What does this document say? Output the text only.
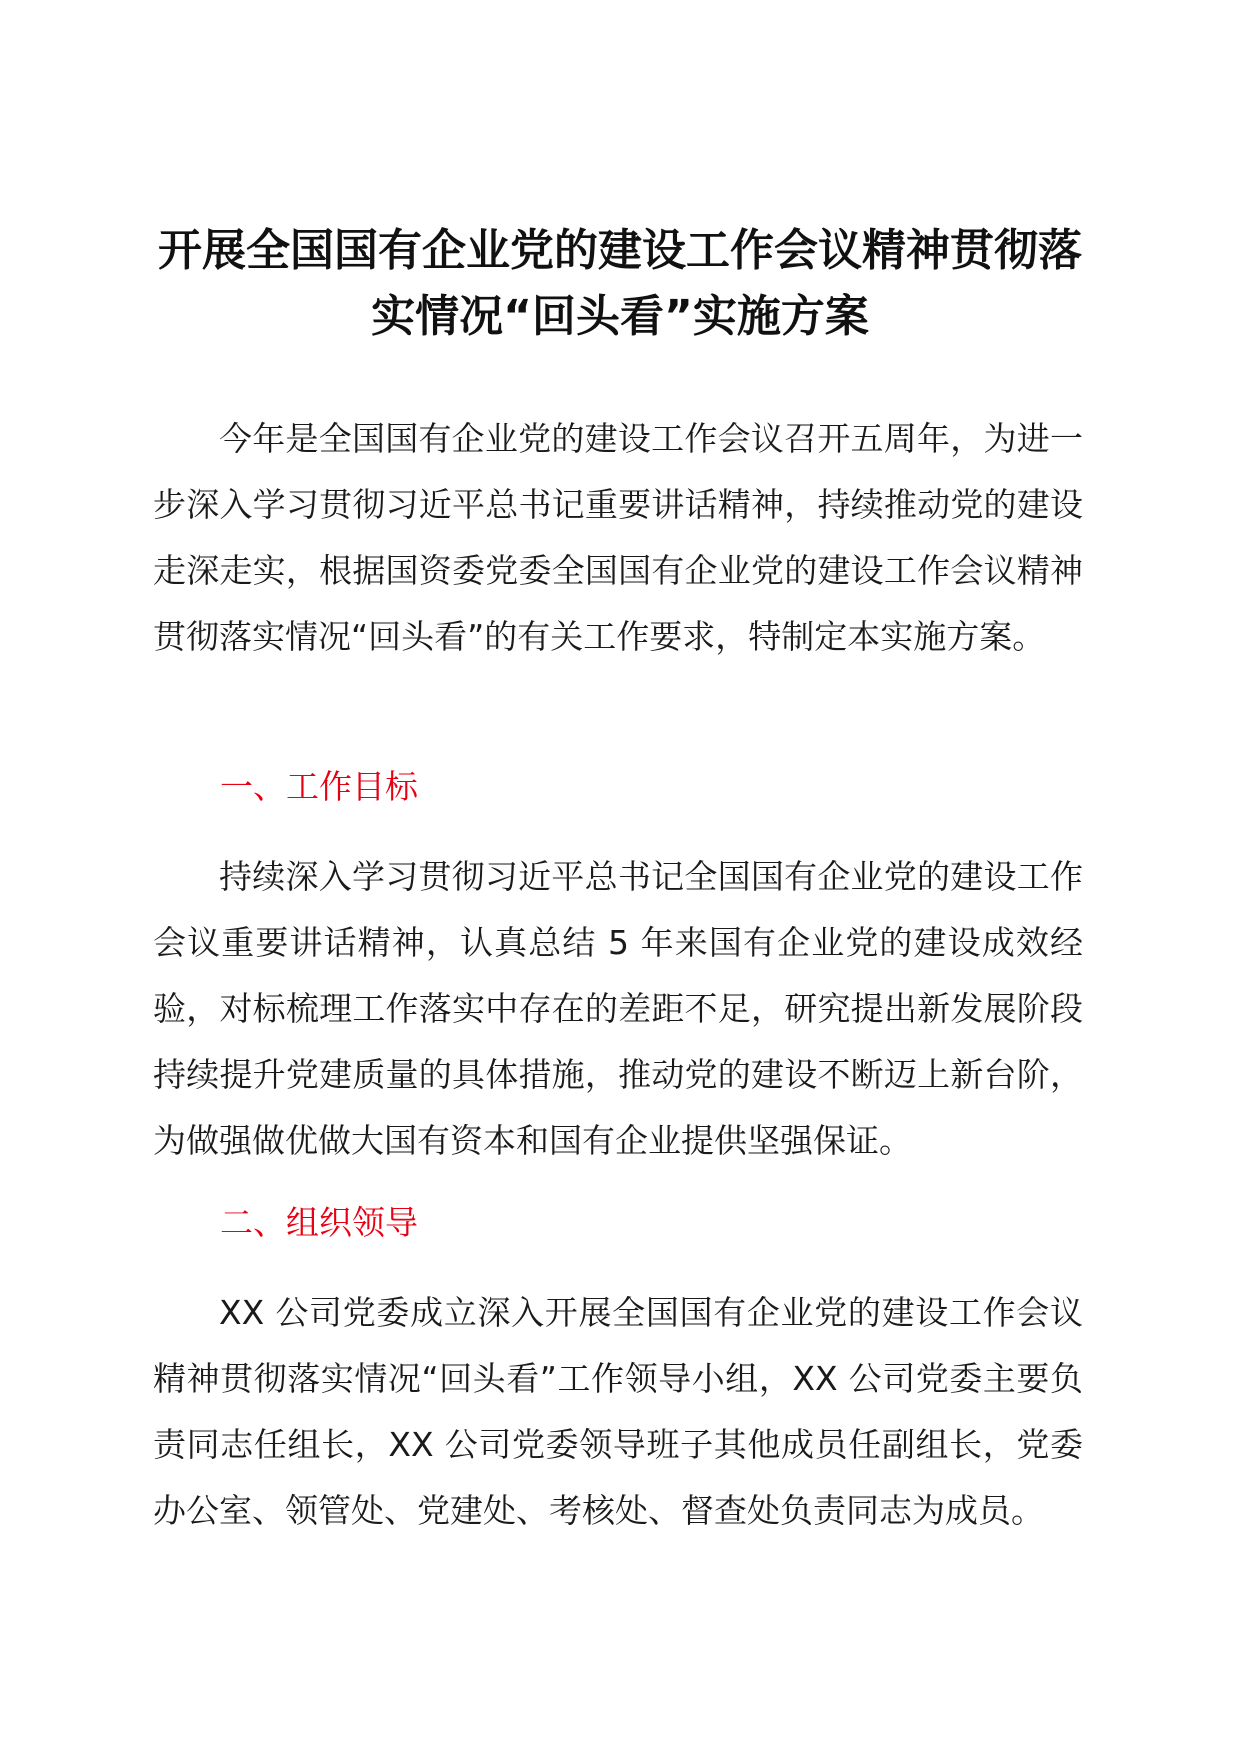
开展全国国有企业党的建设工作会议精神贯彻落实情况“回头看”实施方案

今年是全国国有企业党的建设工作会议召开五周年，为进一步深入学习贯彻习近平总书记重要讲话精神，持续推动党的建设走深走实，根据国资委党委全国国有企业党的建设工作会议精神贯彻落实情况“回头看”的有关工作要求，特制定本实施方案。

一、工作目标

持续深入学习贯彻习近平总书记全国国有企业党的建设工作会议重要讲话精神，认真总结 5 年来国有企业党的建设成效经验，对标梳理工作落实中存在的差距不足，研究提出新发展阶段持续提升党建质量的具体措施，推动党的建设不断迈上新台阶，为做强做优做大国有资本和国有企业提供坚强保证。

二、组织领导

XX 公司党委成立深入开展全国国有企业党的建设工作会议精神贯彻落实情况“回头看”工作领导小组，XX 公司党委主要负责同志任组长，XX 公司党委领导班子其他成员任副组长，党委办公室、领管处、党建处、考核处、督查处负责同志为成员。
